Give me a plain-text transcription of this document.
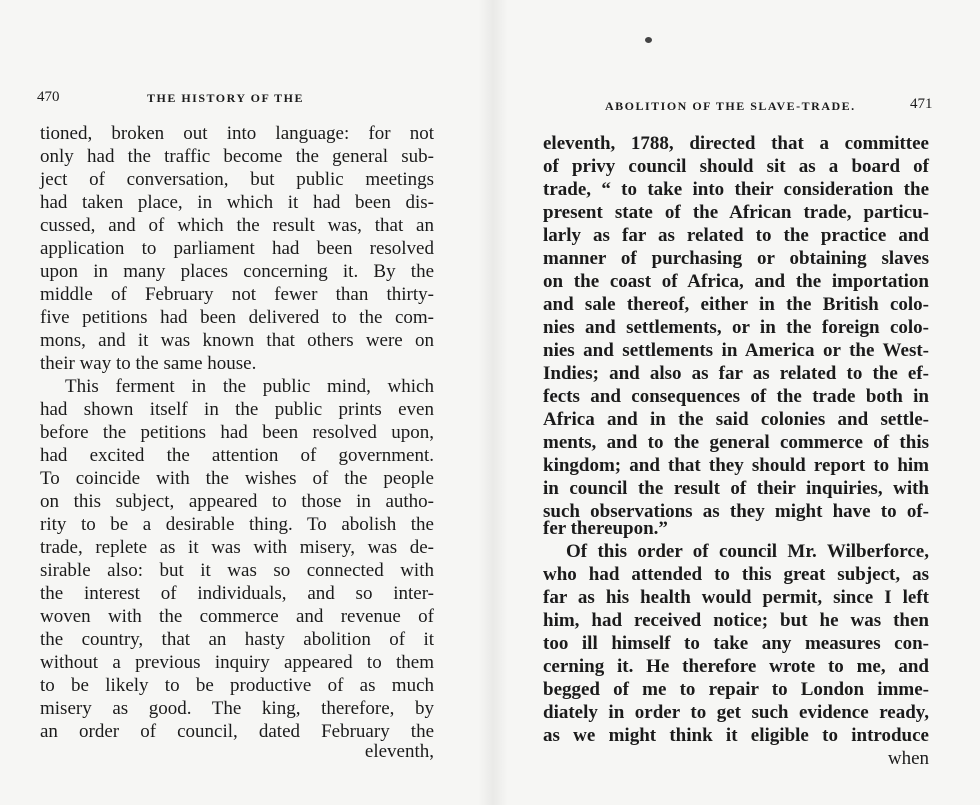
470	THE HISTORY OF THE
tioned, broken out into language: for not
only had the traffic become the general sub-
ject of conversation, but public meetings
had taken place, in which it had been dis-
cussed, and of which the result was, that an
application to parliament had been resolved
upon in many places concerning it. By the
middle of February not fewer than thirty-
five petitions had been delivered to the com-
mons, and it was known that others were on
their way to the same house.
This ferment in the public mind, which
had shown itself in the public prints even
before the petitions had been resolved upon,
had excited the attention of government.
To coincide with the wishes of the people
on this subject, appeared to those in autho-
rity to be a desirable thing. To abolish the
trade, replete as it was with misery, was de-
sirable also: but it was so connected with
the interest of individuals, and so inter-
woven with the commerce and revenue of
the country, that an hasty abolition of it
without a previous inquiry appeared to them
to be likely to be productive of as much
misery as good. The king, therefore, by
an order of council, dated February the
eleventh,
ABOLITION OF THE SLAVE-TRADE.	471
eleventh, 1788, directed that a committee
of privy council should sit as a board of
trade, “ to take into their consideration the
present state of the African trade, particu-
larly as far as related to the practice and
manner of purchasing or obtaining slaves
on the coast of Africa, and the importation
and sale thereof, either in the British colo-
nies and settlements, or in the foreign colo-
nies and settlements in America or the West-
Indies; and also as far as related to the ef-
fects and consequences of the trade both in
Africa and in the said colonies and settle-
ments, and to the general commerce of this
kingdom; and that they should report to him
in council the result of their inquiries, with
such observations as they might have to of-
fer thereupon.”
Of this order of council Mr. Wilberforce,
who had attended to this great subject, as
far as his health would permit, since I left
him, had received notice; but he was then
too ill himself to take any measures con-
cerning it. He therefore wrote to me, and
begged of me to repair to London imme-
diately in order to get such evidence ready,
as we might think it eligible to introduce
when
